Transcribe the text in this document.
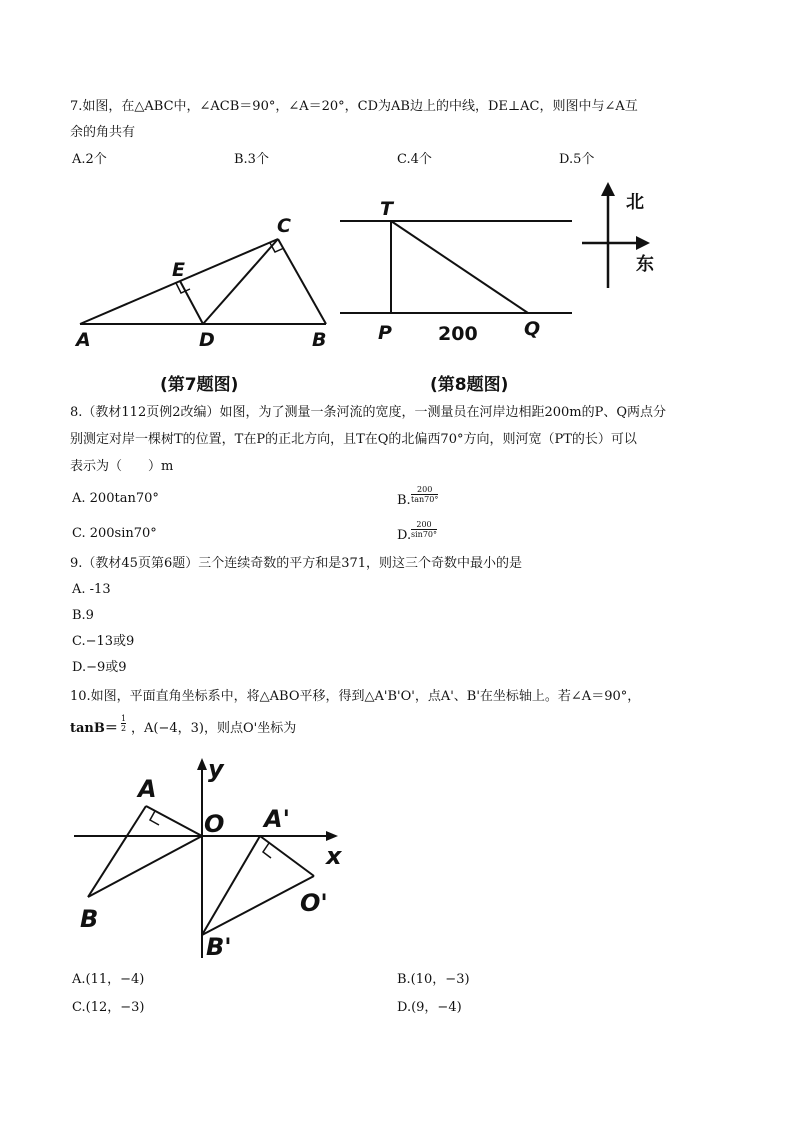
7.如图，在△ABC中，∠ACB＝90°，∠A＝20°，CD为AB边上的中线，DE⊥AC，则图中与∠A互
余的角共有
A.2个	B.3个	C.4个	D.5个
A	B
C
D
E
T
P	Q
200
北
东
A
B
O A'
B'
O'
x
y
(第7题图)	(第8题图)
8.（教材112页例2改编）如图，为了测量一条河流的宽度，一测量员在河岸边相距200m的P、Q两点分
别测定对岸一棵树T的位置，T在P的正北方向，且T在Q的北偏西70°方向，则河宽（PT的长）可以
表示为（　　）m
A. 200tan70°	B. $\frac{200}{\tan 70^\circ}$
C. 200sin70°	D. $\frac{200}{\sin 70^\circ}$
9.（教材45页第6题）三个连续奇数的平方和是371，则这三个奇数中最小的是
A. -13
B.9
C.−13或9
D.−9或9
10.如图，平面直角坐标系中，将△ABO平移，得到△A'B'O'，点A'、B'在坐标轴上。若∠A＝90°，
$\tan B= \frac{1}{2}$ ，A(−4，3)，则点O'坐标为
A.(11，−4)	B.(10，−3)
C.(12，−3)	D.(9，−4)
